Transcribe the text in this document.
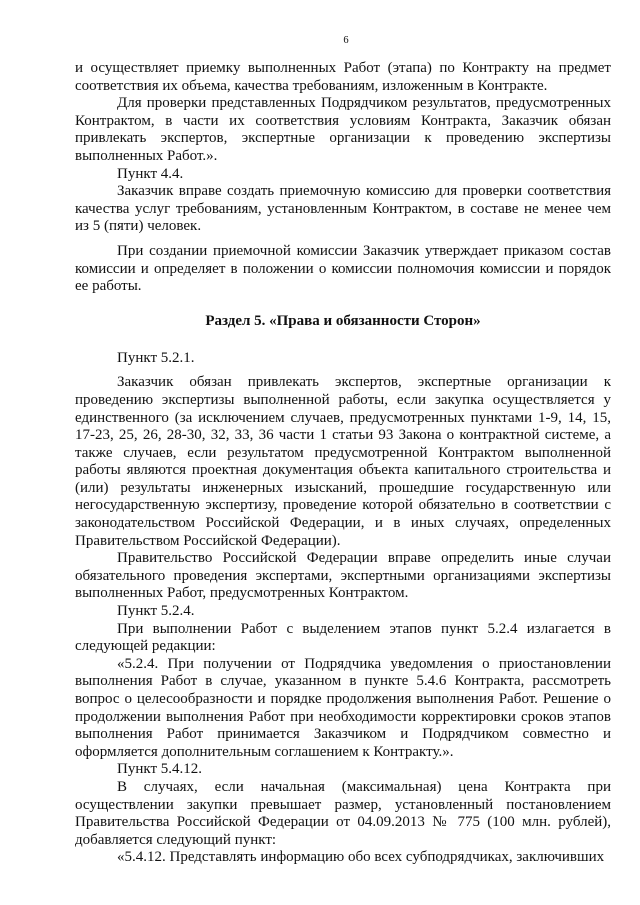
6

и осуществляет приемку выполненных Работ (этапа) по Контракту на предмет соответствия их объема, качества требованиям, изложенным в Контракте.

Для проверки представленных Подрядчиком результатов, предусмотренных Контрактом, в части их соответствия условиям Контракта, Заказчик обязан привлекать экспертов, экспертные организации к проведению экспертизы выполненных Работ.».

Пункт 4.4.

Заказчик вправе создать приемочную комиссию для проверки соответствия качества услуг требованиям, установленным Контрактом, в составе не менее чем из 5 (пяти) человек.

При создании приемочной комиссии Заказчик утверждает приказом состав комиссии и определяет в положении о комиссии полномочия комиссии и порядок ее работы.

Раздел 5. «Права и обязанности Сторон»

Пункт 5.2.1.

Заказчик обязан привлекать экспертов, экспертные организации к проведению экспертизы выполненной работы, если закупка осуществляется у единственного (за исключением случаев, предусмотренных пунктами 1-9, 14, 15, 17-23, 25, 26, 28-30, 32, 33, 36 части 1 статьи 93 Закона о контрактной системе, а также случаев, если результатом предусмотренной Контрактом выполненной работы являются проектная документация объекта капитального строительства и (или) результаты инженерных изысканий, прошедшие государственную или негосударственную экспертизу, проведение которой обязательно в соответствии с законодательством Российской Федерации, и в иных случаях, определенных Правительством Российской Федерации).

Правительство Российской Федерации вправе определить иные случаи обязательного проведения экспертами, экспертными организациями экспертизы выполненных Работ, предусмотренных Контрактом.

Пункт 5.2.4.

При выполнении Работ с выделением этапов пункт 5.2.4 излагается в следующей редакции:

«5.2.4. При получении от Подрядчика уведомления о приостановлении выполнения Работ в случае, указанном в пункте 5.4.6 Контракта, рассмотреть вопрос о целесообразности и порядке продолжения выполнения Работ. Решение о продолжении выполнения Работ при необходимости корректировки сроков этапов выполнения Работ принимается Заказчиком и Подрядчиком совместно и оформляется дополнительным соглашением к Контракту.».

Пункт 5.4.12.

В случаях, если начальная (максимальная) цена Контракта при осуществлении закупки превышает размер, установленный постановлением Правительства Российской Федерации от 04.09.2013 № 775 (100 млн. рублей), добавляется следующий пункт:

«5.4.12. Представлять информацию обо всех субподрядчиках, заключивших
